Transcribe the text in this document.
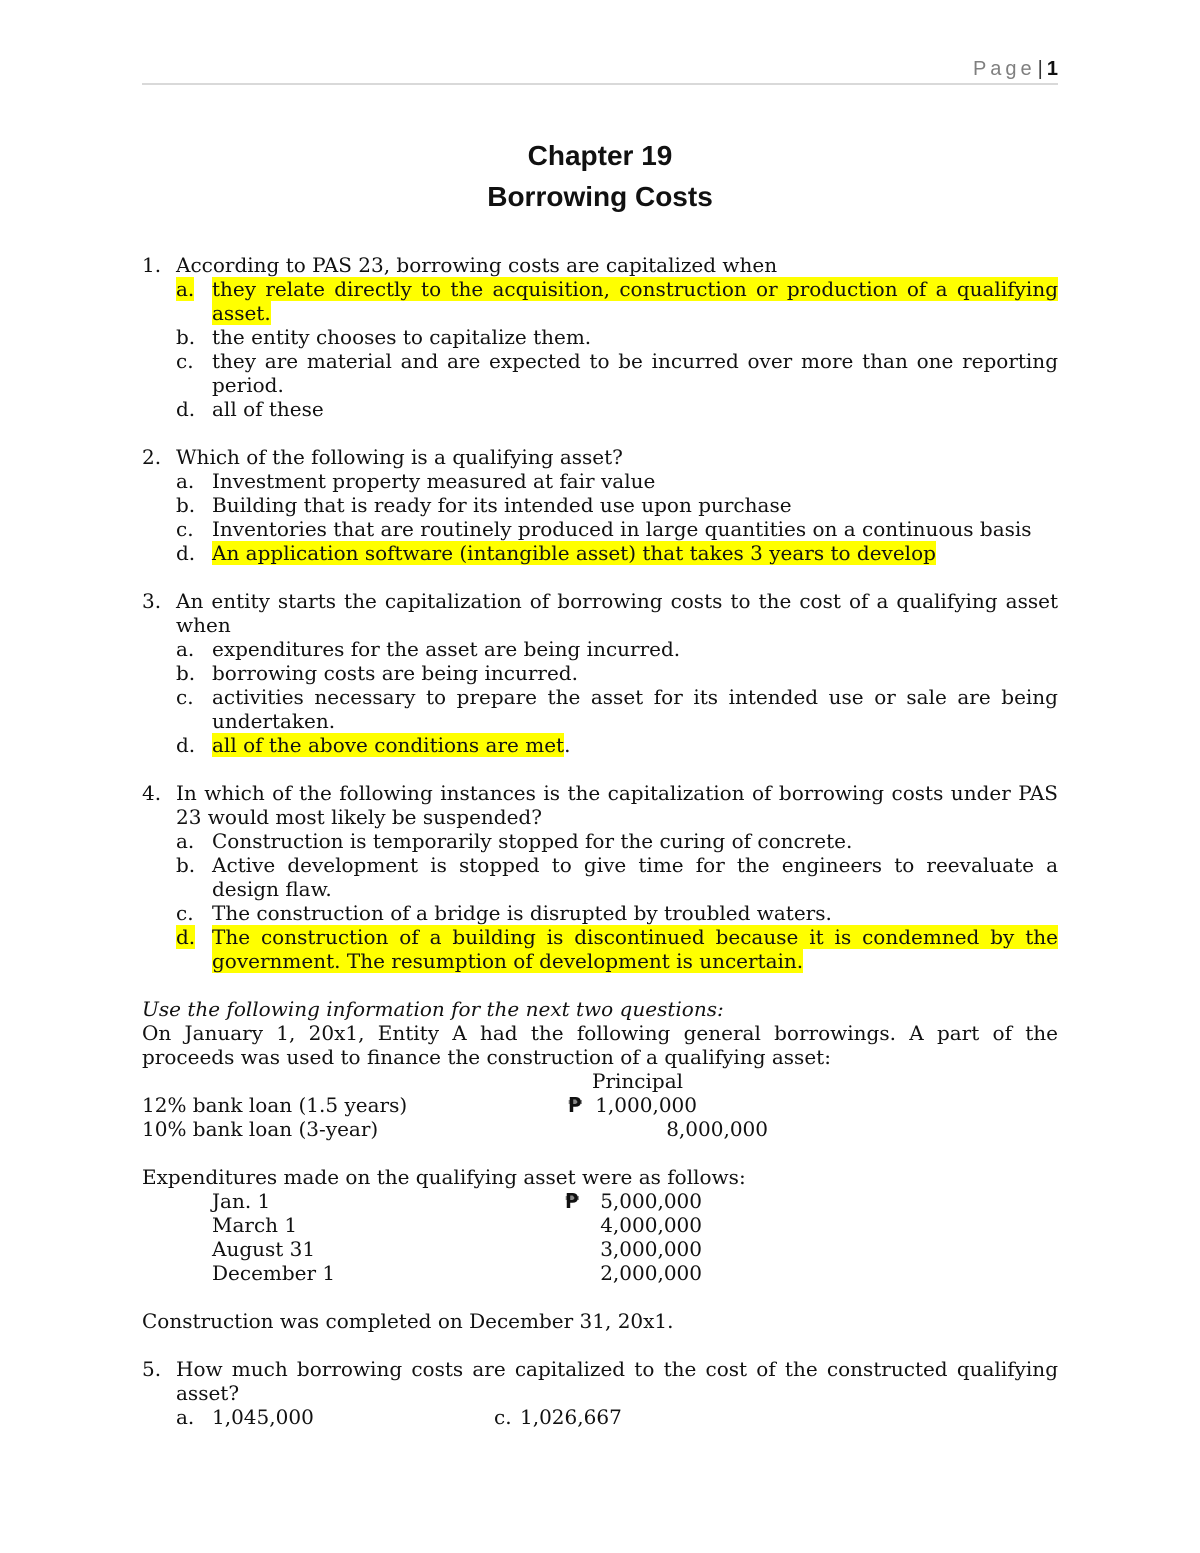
Page | 1
Chapter 19
Borrowing Costs
1. According to PAS 23, borrowing costs are capitalized when
a. they relate directly to the acquisition, construction or production of a qualifying asset.
b. the entity chooses to capitalize them.
c. they are material and are expected to be incurred over more than one reporting period.
d. all of these
2. Which of the following is a qualifying asset?
a. Investment property measured at fair value
b. Building that is ready for its intended use upon purchase
c. Inventories that are routinely produced in large quantities on a continuous basis
d. An application software (intangible asset) that takes 3 years to develop
3. An entity starts the capitalization of borrowing costs to the cost of a qualifying asset when
a. expenditures for the asset are being incurred.
b. borrowing costs are being incurred.
c. activities necessary to prepare the asset for its intended use or sale are being undertaken.
d. all of the above conditions are met.
4. In which of the following instances is the capitalization of borrowing costs under PAS 23 would most likely be suspended?
a. Construction is temporarily stopped for the curing of concrete.
b. Active development is stopped to give time for the engineers to reevaluate a design flaw.
c. The construction of a bridge is disrupted by troubled waters.
d. The construction of a building is discontinued because it is condemned by the government. The resumption of development is uncertain.
Use the following information for the next two questions:
On January 1, 20x1, Entity A had the following general borrowings. A part of the proceeds was used to finance the construction of a qualifying asset:
Principal
12% bank loan (1.5 years)	₱ 1,000,000
10% bank loan (3-year)	8,000,000
Expenditures made on the qualifying asset were as follows:
Jan. 1	₱ 5,000,000
March 1	4,000,000
August 31	3,000,000
December 1	2,000,000
Construction was completed on December 31, 20x1.
5. How much borrowing costs are capitalized to the cost of the constructed qualifying asset?
a. 1,045,000	c. 1,026,667
